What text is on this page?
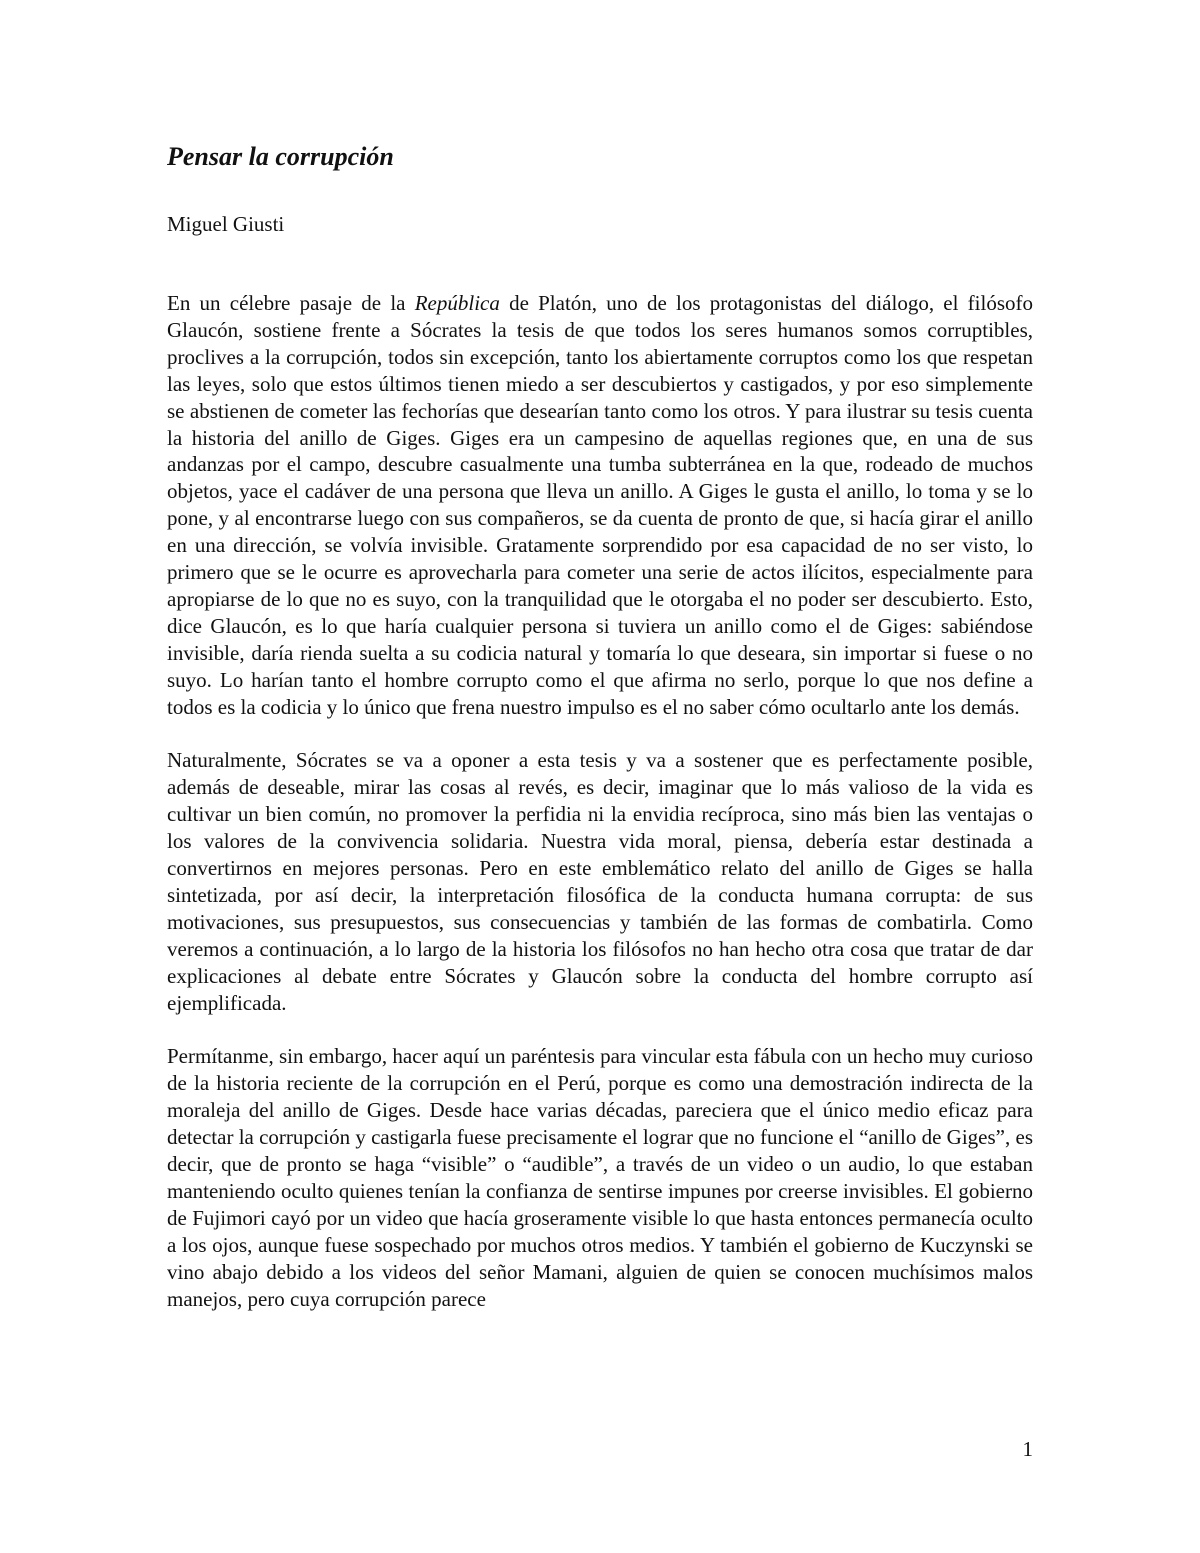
Pensar la corrupción

Miguel Giusti

En un célebre pasaje de la República de Platón, uno de los protagonistas del diálogo, el filósofo Glaucón, sostiene frente a Sócrates la tesis de que todos los seres humanos somos corruptibles, proclives a la corrupción, todos sin excepción, tanto los abiertamente corruptos como los que respetan las leyes, solo que estos últimos tienen miedo a ser descubiertos y castigados, y por eso simplemente se abstienen de cometer las fechorías que desearían tanto como los otros. Y para ilustrar su tesis cuenta la historia del anillo de Giges. Giges era un campesino de aquellas regiones que, en una de sus andanzas por el campo, descubre casualmente una tumba subterránea en la que, rodeado de muchos objetos, yace el cadáver de una persona que lleva un anillo. A Giges le gusta el anillo, lo toma y se lo pone, y al encontrarse luego con sus compañeros, se da cuenta de pronto de que, si hacía girar el anillo en una dirección, se volvía invisible. Gratamente sorprendido por esa capacidad de no ser visto, lo primero que se le ocurre es aprovecharla para cometer una serie de actos ilícitos, especialmente para apropiarse de lo que no es suyo, con la tranquilidad que le otorgaba el no poder ser descubierto. Esto, dice Glaucón, es lo que haría cualquier persona si tuviera un anillo como el de Giges: sabiéndose invisible, daría rienda suelta a su codicia natural y tomaría lo que deseara, sin importar si fuese o no suyo. Lo harían tanto el hombre corrupto como el que afirma no serlo, porque lo que nos define a todos es la codicia y lo único que frena nuestro impulso es el no saber cómo ocultarlo ante los demás.

Naturalmente, Sócrates se va a oponer a esta tesis y va a sostener que es perfectamente posible, además de deseable, mirar las cosas al revés, es decir, imaginar que lo más valioso de la vida es cultivar un bien común, no promover la perfidia ni la envidia recíproca, sino más bien las ventajas o los valores de la convivencia solidaria. Nuestra vida moral, piensa, debería estar destinada a convertirnos en mejores personas. Pero en este emblemático relato del anillo de Giges se halla sintetizada, por así decir, la interpretación filosófica de la conducta humana corrupta: de sus motivaciones, sus presupuestos, sus consecuencias y también de las formas de combatirla. Como veremos a continuación, a lo largo de la historia los filósofos no han hecho otra cosa que tratar de dar explicaciones al debate entre Sócrates y Glaucón sobre la conducta del hombre corrupto así ejemplificada.

Permítanme, sin embargo, hacer aquí un paréntesis para vincular esta fábula con un hecho muy curioso de la historia reciente de la corrupción en el Perú, porque es como una demostración indirecta de la moraleja del anillo de Giges. Desde hace varias décadas, pareciera que el único medio eficaz para detectar la corrupción y castigarla fuese precisamente el lograr que no funcione el “anillo de Giges”, es decir, que de pronto se haga “visible” o “audible”, a través de un video o un audio, lo que estaban manteniendo oculto quienes tenían la confianza de sentirse impunes por creerse invisibles. El gobierno de Fujimori cayó por un video que hacía groseramente visible lo que hasta entonces permanecía oculto a los ojos, aunque fuese sospechado por muchos otros medios. Y también el gobierno de Kuczynski se vino abajo debido a los videos del señor Mamani, alguien de quien se conocen muchísimos malos manejos, pero cuya corrupción parece

1
